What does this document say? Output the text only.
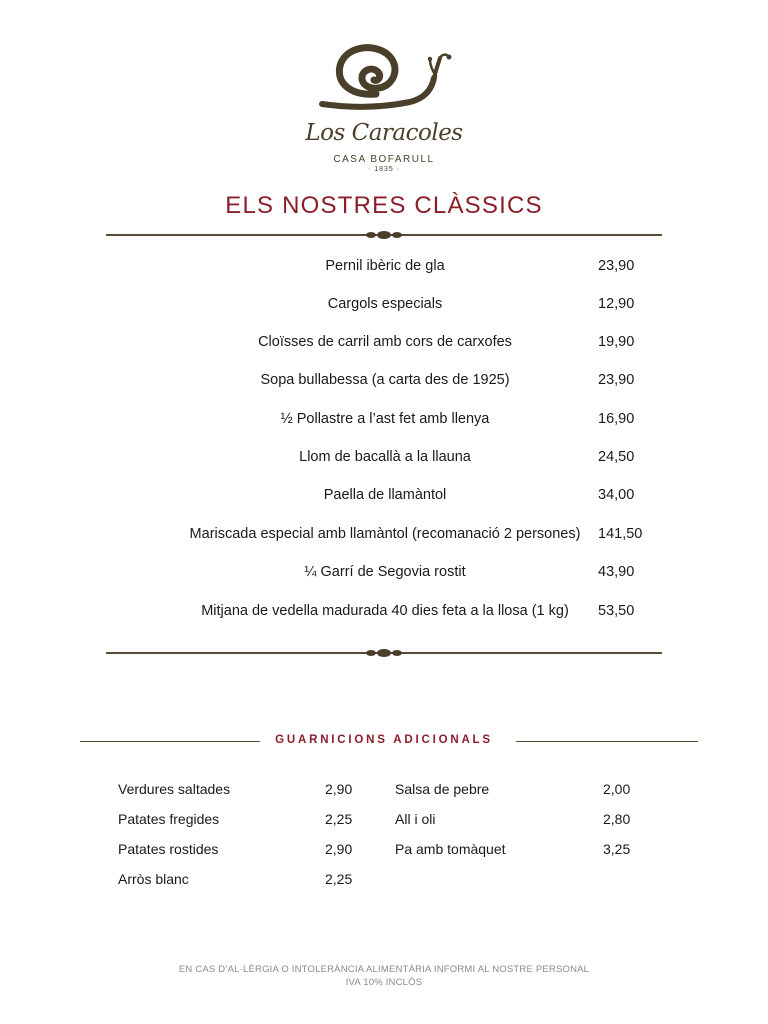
Los Caracoles
CASA BOFARULL
· 1835 ·
ELS NOSTRES CLÀSSICS
Pernil ibèric de gla	23,90
Cargols especials	12,90
Cloïsses de carril amb cors de carxofes	19,90
Sopa bullabessa (a carta des de 1925)	23,90
½ Pollastre a l’ast fet amb llenya	16,90
Llom de bacallà a la llauna	24,50
Paella de llamàntol	34,00
Mariscada especial amb llamàntol (recomanació 2 persones)	141,50
¼ Garrí de Segovia rostit	43,90
Mitjana de vedella madurada 40 dies feta a la llosa (1 kg)	53,50
GUARNICIONS ADICIONALS
Verdures saltades	2,90
Patates fregides	2,25
Patates rostides	2,90
Arròs blanc	2,25
Salsa de pebre	2,00
All i oli	2,80
Pa amb tomàquet	3,25
EN CAS D’AL·LÈRGIA O INTOLERÀNCIA ALIMENTÀRIA INFORMI AL NOSTRE PERSONAL
IVA 10% INCLÒS
